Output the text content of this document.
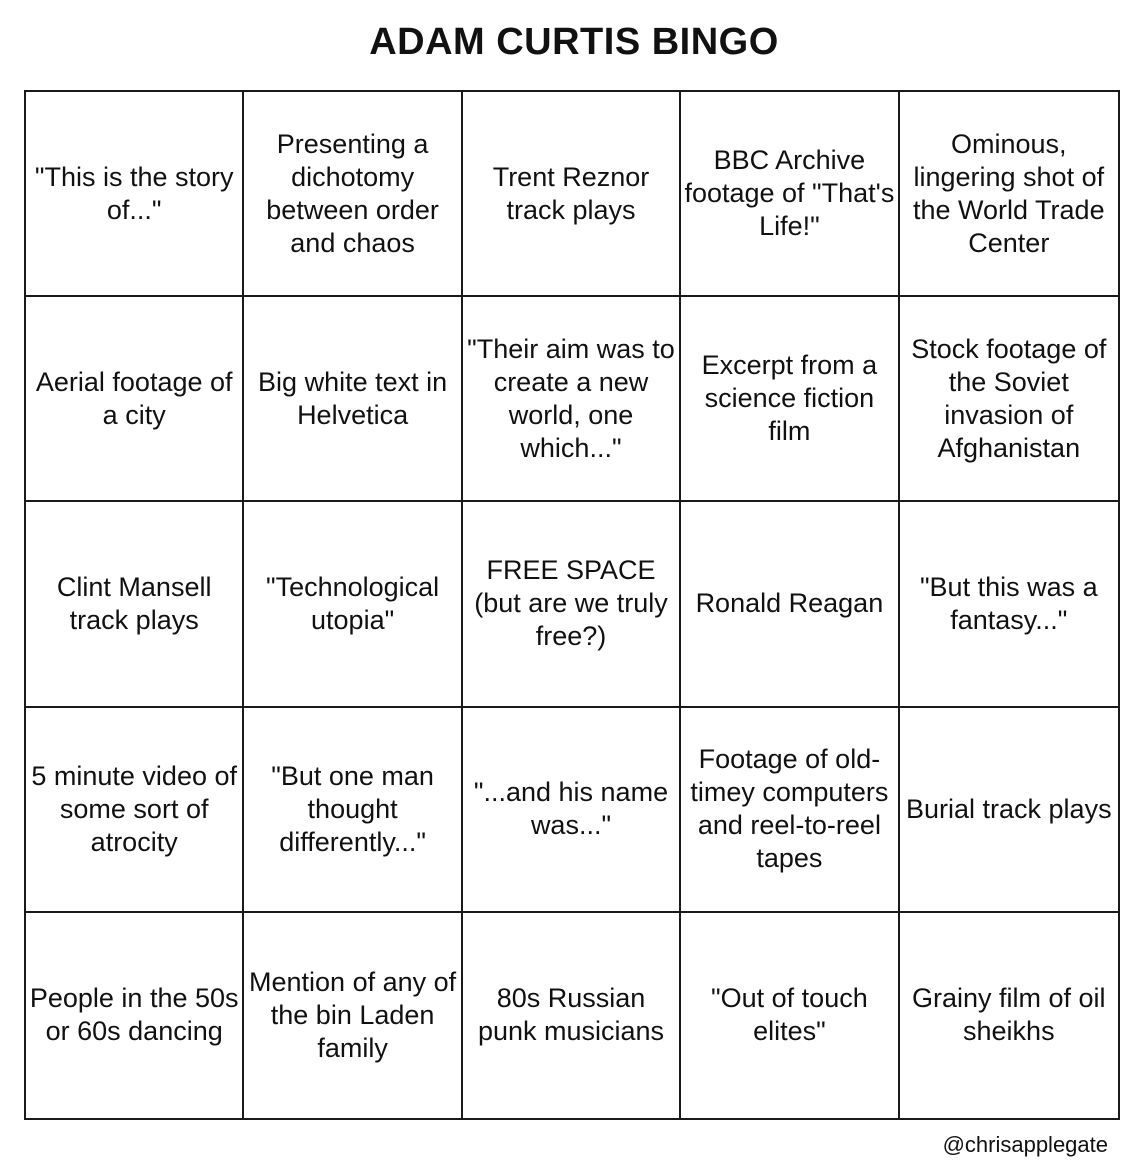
ADAM CURTIS BINGO
"This is the story of..."
Presenting a dichotomy between order and chaos
Trent Reznor track plays
BBC Archive footage of "That's Life!"
Ominous, lingering shot of the World Trade Center
Aerial footage of a city
Big white text in Helvetica
"Their aim was to create a new world, one which..."
Excerpt from a science fiction film
Stock footage of the Soviet invasion of Afghanistan
Clint Mansell track plays
"Technological utopia"
FREE SPACE (but are we truly free?)
Ronald Reagan
"But this was a fantasy..."
5 minute video of some sort of atrocity
"But one man thought differently..."
"...and his name was..."
Footage of old-timey computers and reel-to-reel tapes
Burial track plays
People in the 50s or 60s dancing
Mention of any of the bin Laden family
80s Russian punk musicians
"Out of touch elites"
Grainy film of oil sheikhs
@chrisapplegate
